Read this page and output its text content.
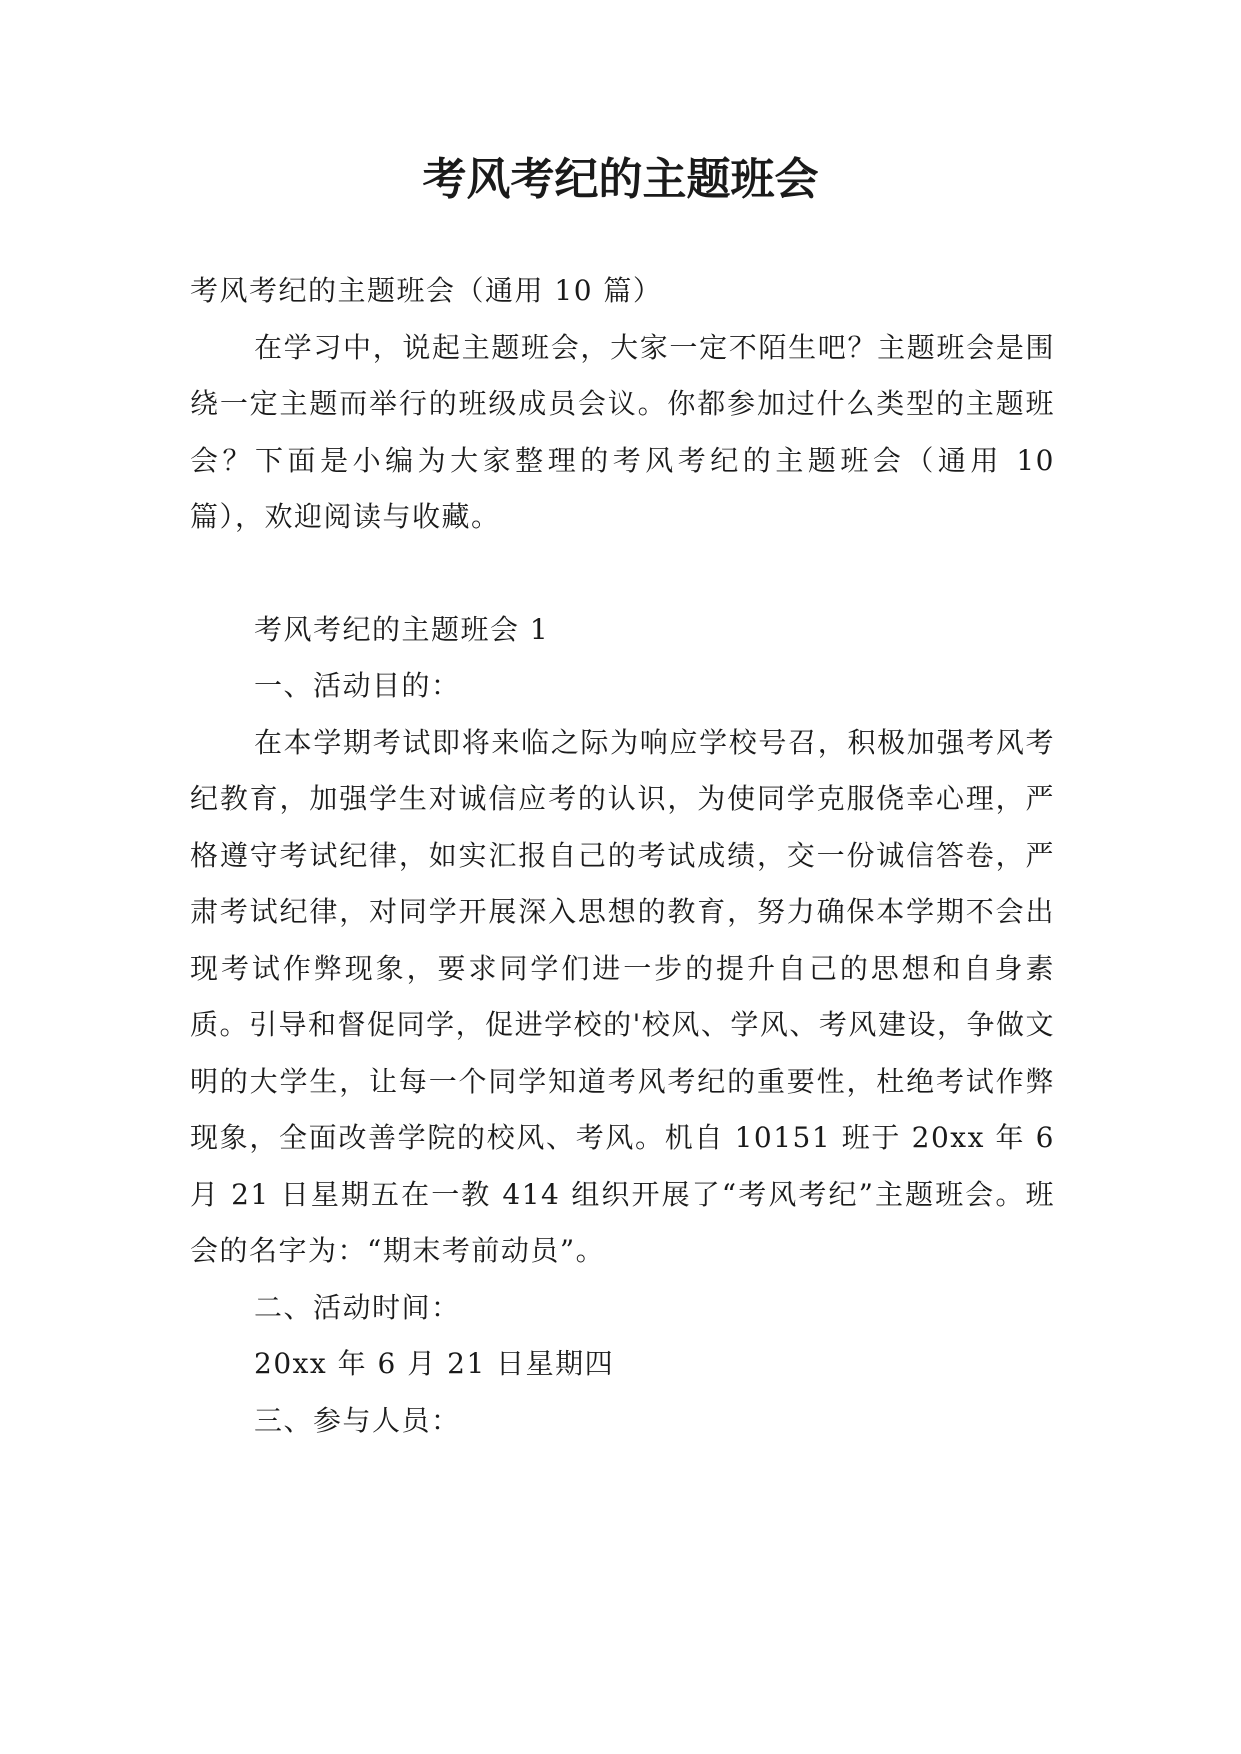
考风考纪的主题班会

考风考纪的主题班会（通用 10 篇）

在学习中，说起主题班会，大家一定不陌生吧？主题班会是围绕一定主题而举行的班级成员会议。你都参加过什么类型的主题班会？下面是小编为大家整理的考风考纪的主题班会（通用 10 篇），欢迎阅读与收藏。

考风考纪的主题班会 1

一、活动目的：

在本学期考试即将来临之际为响应学校号召，积极加强考风考纪教育，加强学生对诚信应考的认识，为使同学克服侥幸心理，严格遵守考试纪律，如实汇报自己的考试成绩，交一份诚信答卷，严肃考试纪律，对同学开展深入思想的教育，努力确保本学期不会出现考试作弊现象，要求同学们进一步的提升自己的思想和自身素质。引导和督促同学，促进学校的'校风、学风、考风建设，争做文明的大学生，让每一个同学知道考风考纪的重要性，杜绝考试作弊现象，全面改善学院的校风、考风。机自 10151 班于 20xx 年 6 月 21 日星期五在一教 414 组织开展了“考风考纪”主题班会。班会的名字为：“期末考前动员”。

二、活动时间：

20xx 年 6 月 21 日星期四

三、参与人员：
